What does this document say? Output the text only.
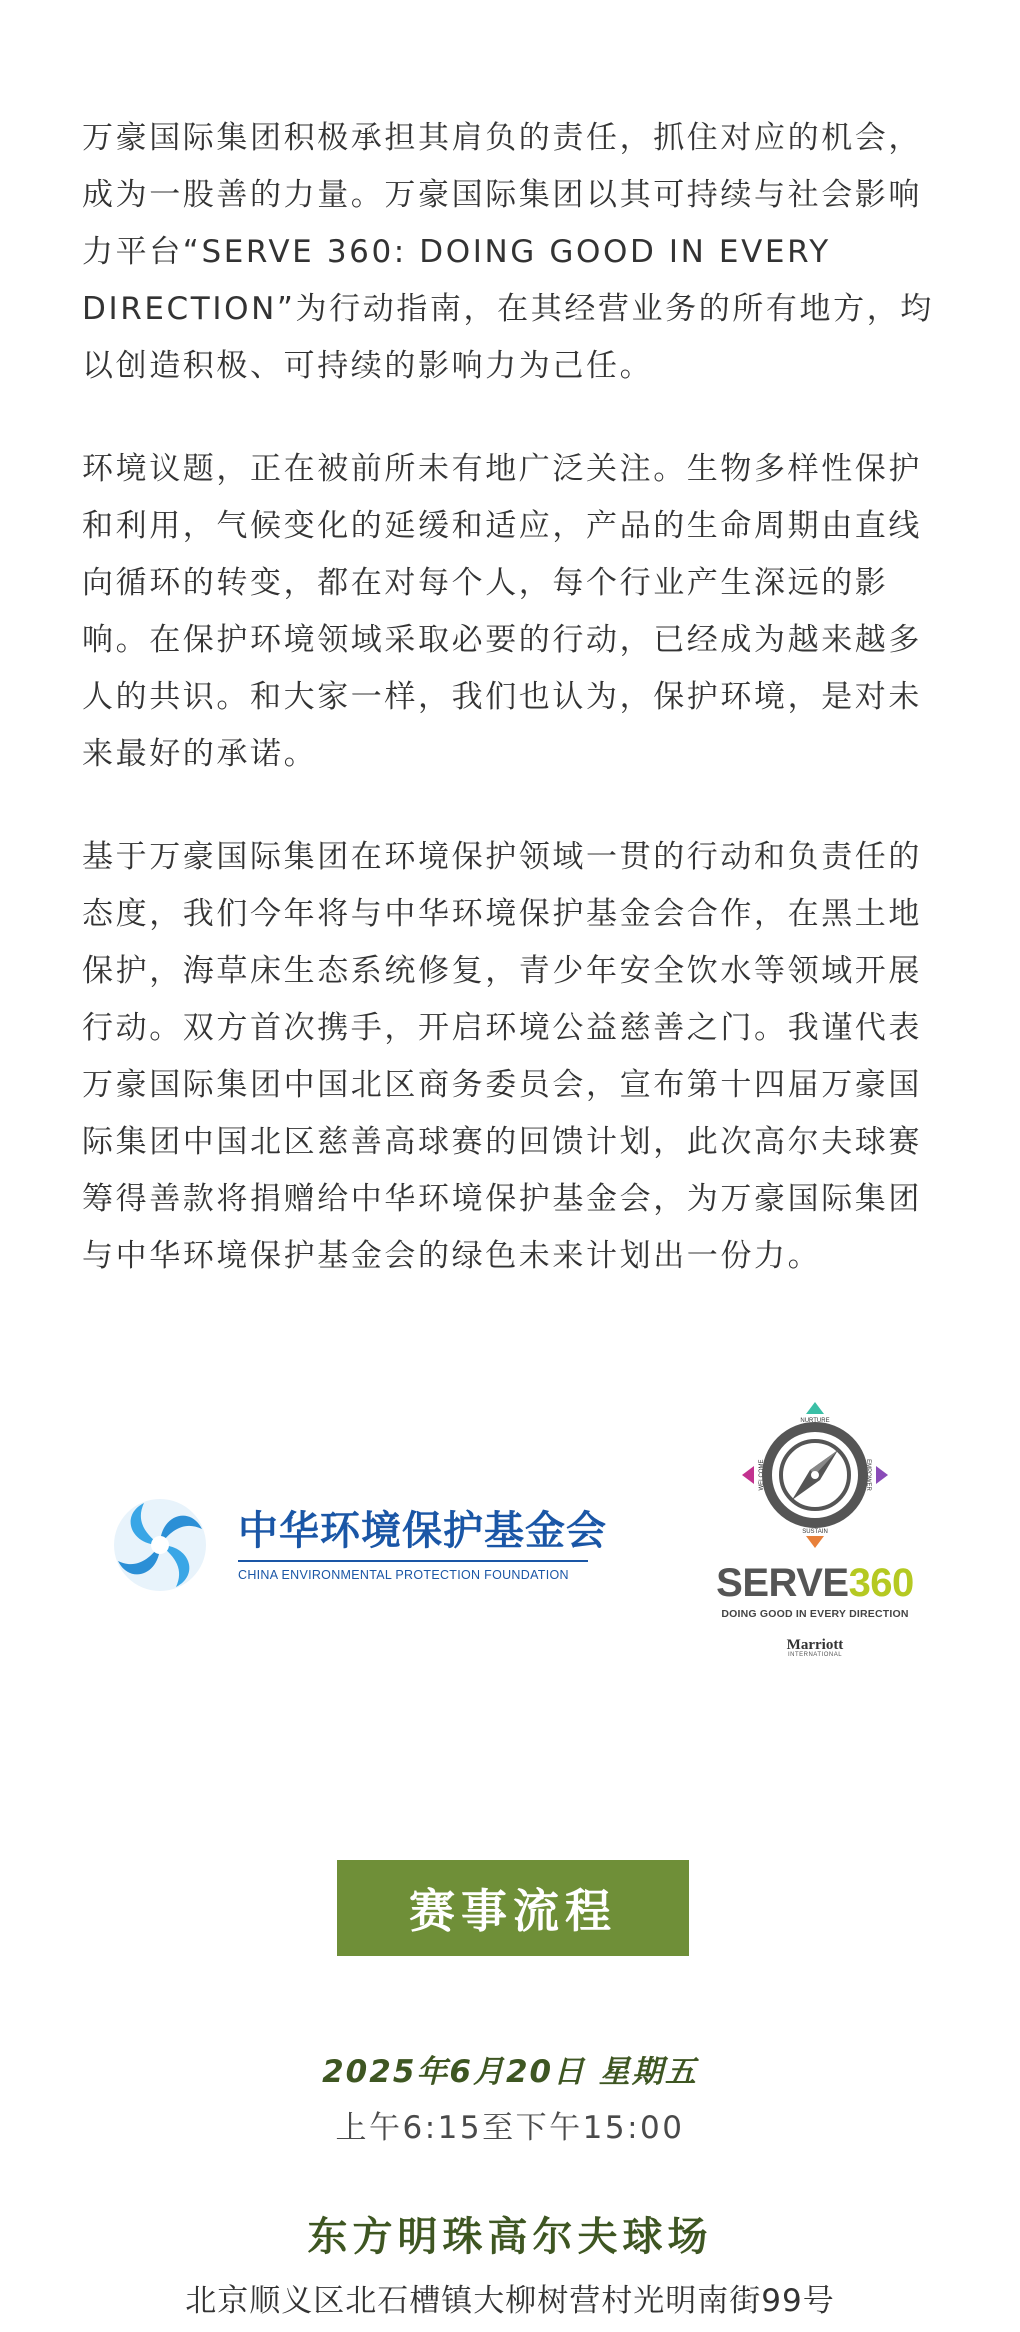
万豪国际集团积极承担其肩负的责任，抓住对应的机会，成为一股善的力量。万豪国际集团以其可持续与社会影响力平台“SERVE 360: DOING GOOD IN EVERY DIRECTION”为行动指南，在其经营业务的所有地方，均以创造积极、可持续的影响力为己任。

环境议题，正在被前所未有地广泛关注。生物多样性保护和利用，气候变化的延缓和适应，产品的生命周期由直线向循环的转变，都在对每个人，每个行业产生深远的影响。在保护环境领域采取必要的行动，已经成为越来越多人的共识。和大家一样，我们也认为，保护环境，是对未来最好的承诺。

基于万豪国际集团在环境保护领域一贯的行动和负责任的态度，我们今年将与中华环境保护基金会合作，在黑土地保护，海草床生态系统修复，青少年安全饮水等领域开展行动。双方首次携手，开启环境公益慈善之门。我谨代表万豪国际集团中国北区商务委员会，宣布第十四届万豪国际集团中国北区慈善高球赛的回馈计划，此次高尔夫球赛筹得善款将捐赠给中华环境保护基金会，为万豪国际集团与中华环境保护基金会的绿色未来计划出一份力。

中华环境保护基金会
CHINA ENVIRONMENTAL PROTECTION FOUNDATION
NURTURE
EMPOWER
SUSTAIN
WELCOME
SERVE360
DOING GOOD IN EVERY DIRECTION
Marriott
INTERNATIONAL
赛事流程
2025年6月20日 星期五
上午6:15至下午15:00
东方明珠高尔夫球场
北京顺义区北石槽镇大柳树营村光明南街99号
